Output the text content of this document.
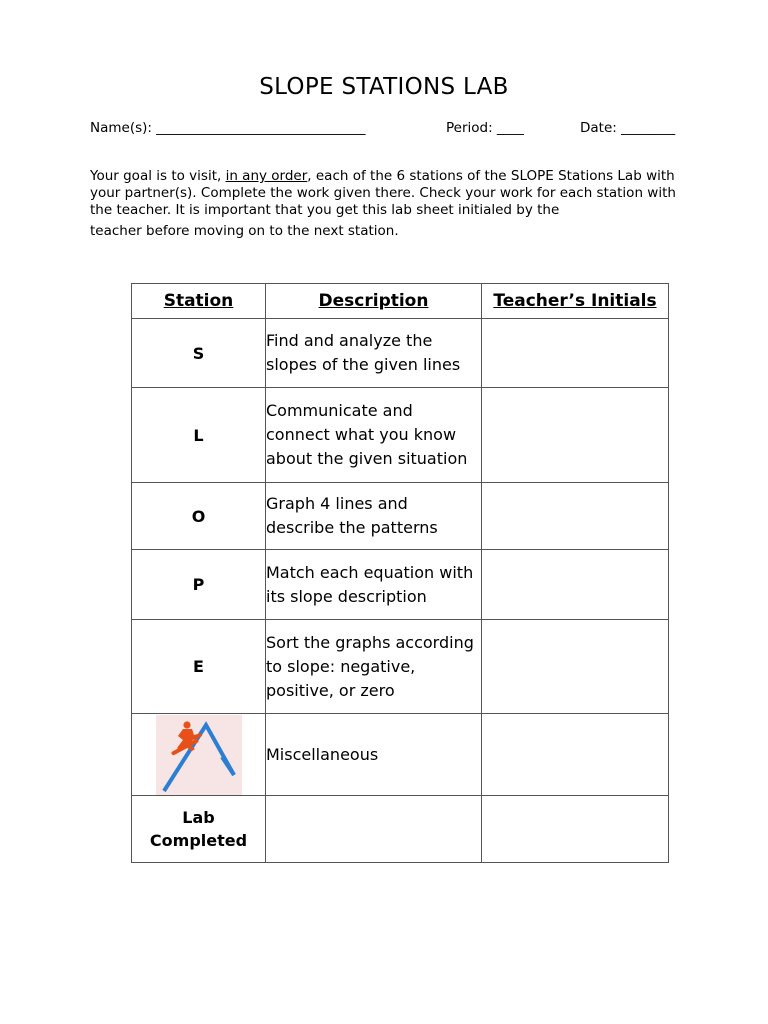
SLOPE STATIONS LAB
Name(s): _______________________________	Period: ____	Date: ________
Your goal is to visit, in any order, each of the 6 stations of the SLOPE Stations Lab with your partner(s). Complete the work given there. Check your work for each station with the teacher. It is important that you get this lab sheet initialed by the
teacher before moving on to the next station.
Station	Description	Teacher’s Initials
S	Find and analyze the slopes of the given lines	
L	Communicate and connect what you know about the given situation	
O	Graph 4 lines and describe the patterns	
P	Match each equation with its slope description	
E	Sort the graphs according to slope: negative, positive, or zero	

	Miscellaneous	
Lab Completed		
